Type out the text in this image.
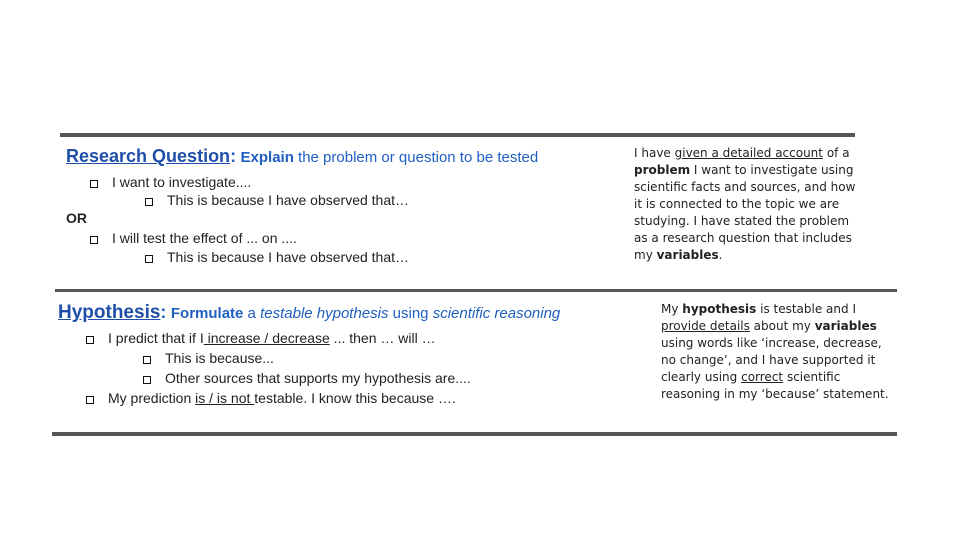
Research Question: Explain the problem or question to be tested
I want to investigate....
This is because I have observed that…
OR
I will test the effect of ... on ....
This is because I have observed that…
I have given a detailed account of a problem I want to investigate using scientific facts and sources, and how it is connected to the topic we are studying. I have stated the problem as a research question that includes my variables.
Hypothesis: Formulate a testable hypothesis using scientific reasoning
I predict that if I increase / decrease ... then … will …
This is because...
Other sources that supports my hypothesis are....
My prediction is / is not testable. I know this because ….
My hypothesis is testable and I provide details about my variables using words like ‘increase, decrease, no change’, and I have supported it clearly using correct scientific reasoning in my ‘because’ statement.
